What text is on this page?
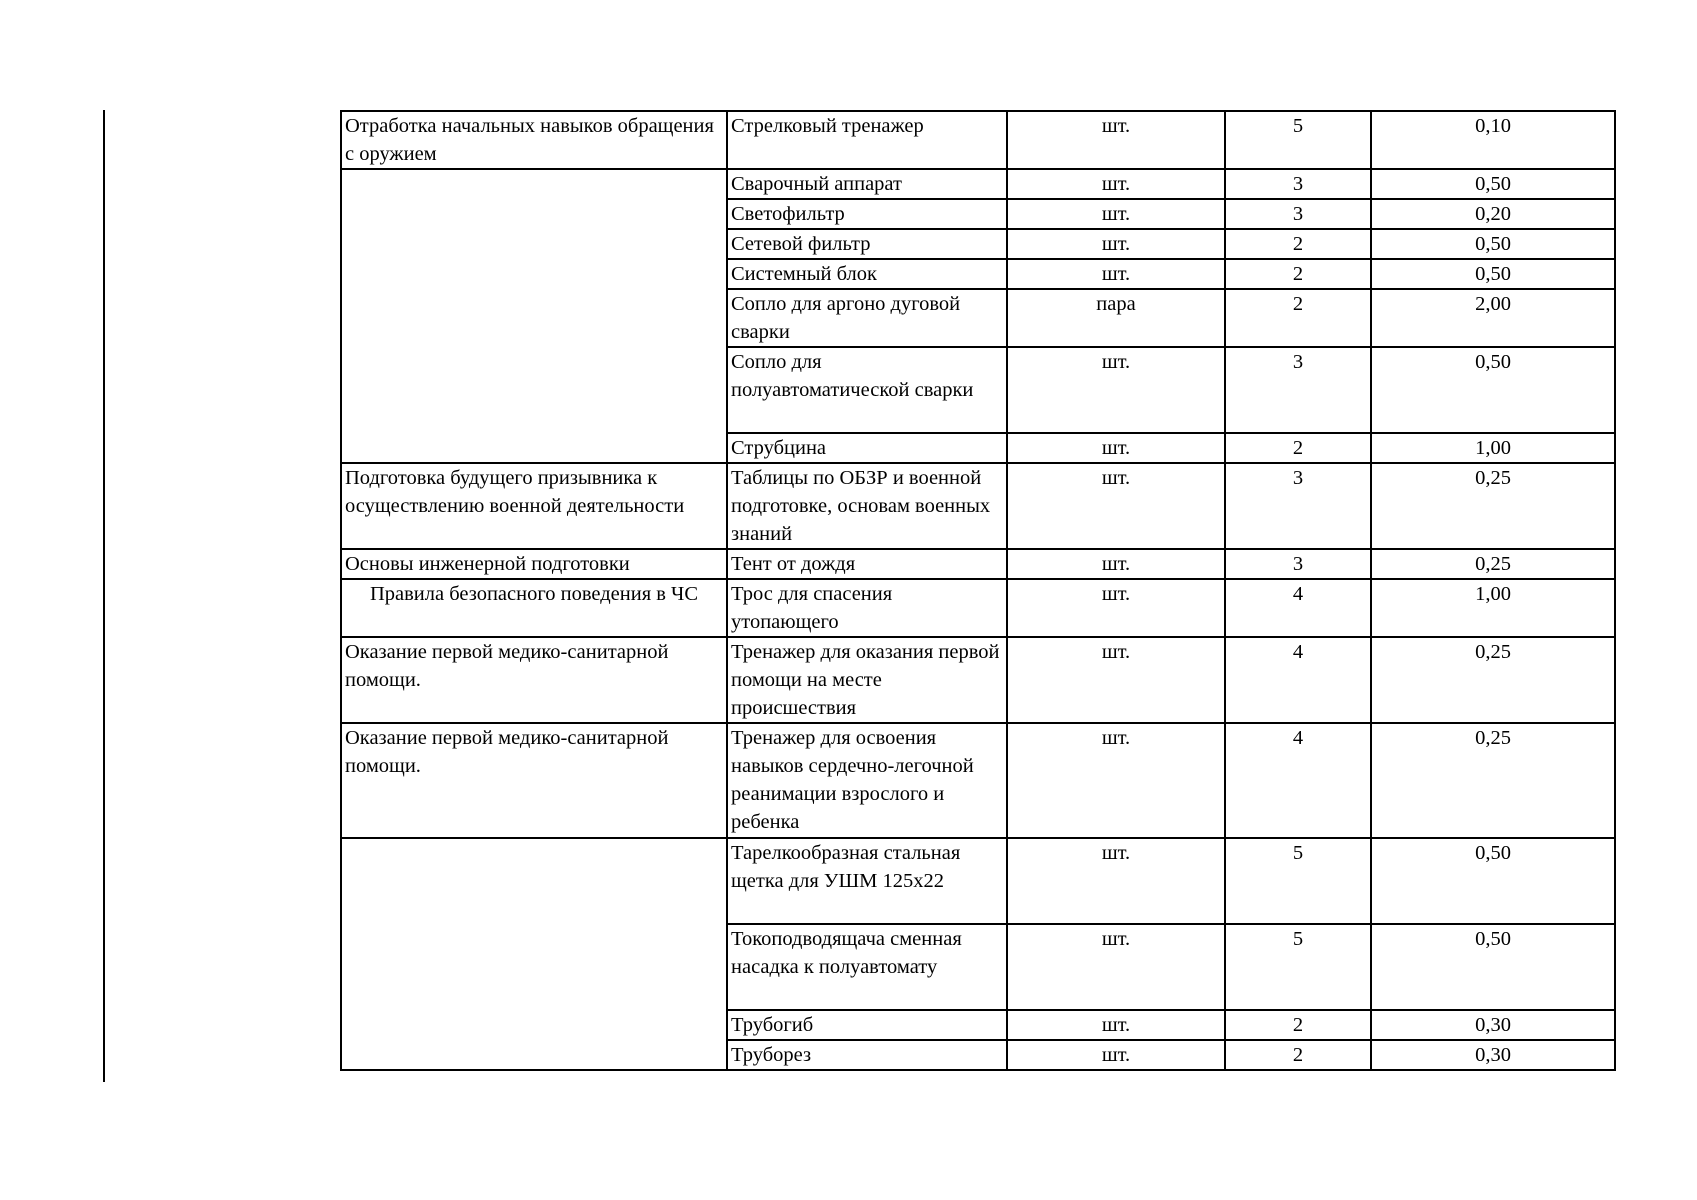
Отработка начальных навыков обращения с оружием	Стрелковый тренажер	шт.	5	0,10
	Сварочный аппарат	шт.	3	0,50
	Светофильтр	шт.	3	0,20
	Сетевой фильтр	шт.	2	0,50
	Системный блок	шт.	2	0,50
	Сопло для аргоно дуговой сварки	пара	2	2,00
	Сопло для полуавтоматической сварки	шт.	3	0,50
	Струбцина	шт.	2	1,00
Подготовка будущего призывника к осуществлению военной деятельности	Таблицы по ОБЗР и военной подготовке, основам военных знаний	шт.	3	0,25
Основы инженерной подготовки	Тент от дождя	шт.	3	0,25
Правила безопасного поведения в ЧС	Трос для спасения утопающего	шт.	4	1,00
Оказание первой медико-санитарной помощи.	Тренажер для оказания первой помощи на месте происшествия	шт.	4	0,25
Оказание первой медико-санитарной помощи.	Тренажер для освоения навыков сердечно-легочной реанимации взрослого и ребенка	шт.	4	0,25
	Тарелкообразная стальная щетка для УШМ 125х22	шт.	5	0,50
	Токоподводящача сменная насадка к полуавтомату	шт.	5	0,50
	Трубогиб	шт.	2	0,30
	Труборез	шт.	2	0,30
